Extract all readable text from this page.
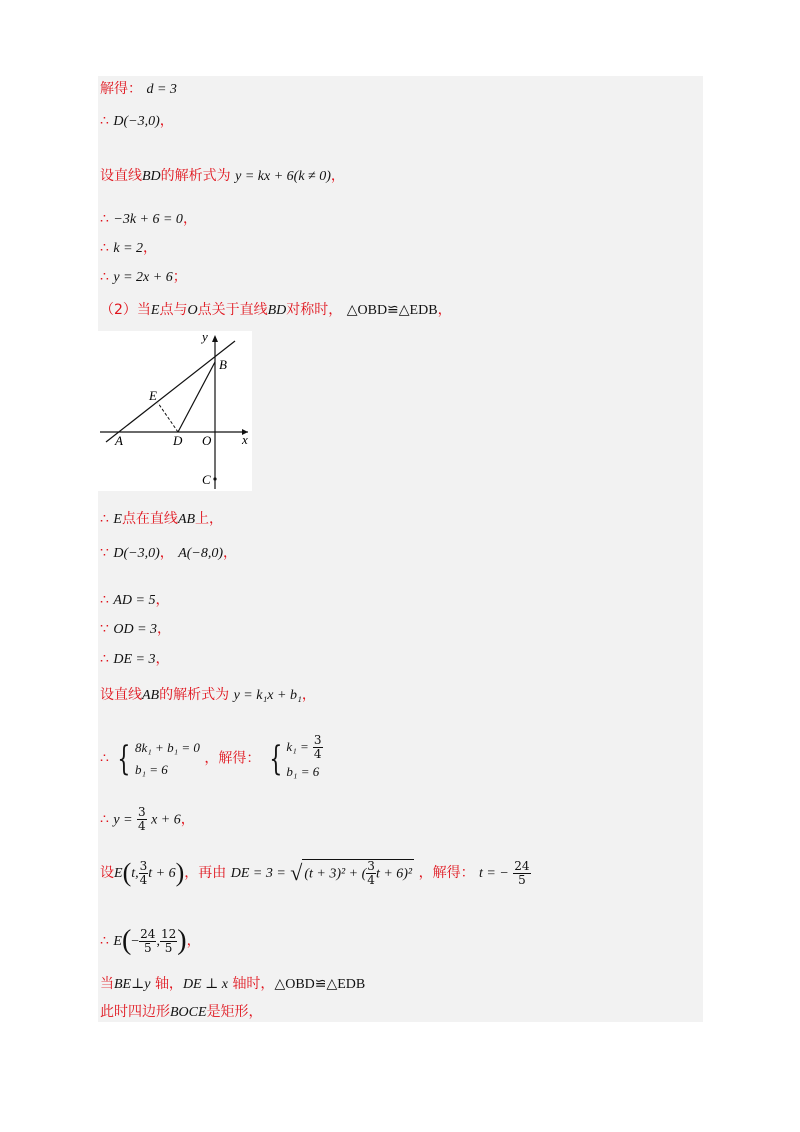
解得： d = 3
∴ D(−3,0)，
设直线BD的解析式为 y = kx + 6(k ≠ 0)，
∴ −3k + 6 = 0，
∴ k = 2，
∴ y = 2x + 6；
（2）当E点与O点关于直线BD对称时， △OBD≌△EDB，
y
B
E
A	D O x
C
∴ E点在直线AB上，
∵ D(−3,0)， A(−8,0)，
∴ AD = 5，
∵ OD = 3，
∴ DE = 3，
设直线AB的解析式为 y = k₁x + b₁，
∴ { 8k₁ + b₁ = 0
b₁ = 6
，解得： { $k_1 = \frac{3}{4}$
b₁ = 6
∴ $y = \frac{3}{4}$ x + 6，
设E(t, $\frac{3}{4}$ t + 6)，再由 DE = 3 = √ (t + 3)² + ( $\frac{3}{4}$ t + 6)² ，解得： t = − $\frac{24}{5}$
∴ $E(- \frac{24}{5}$ , $\frac{12}{5}$ )，
当BE⊥y 轴，DE ⊥ x 轴时，△OBD≌△EDB
此时四边形BOCE是矩形，
